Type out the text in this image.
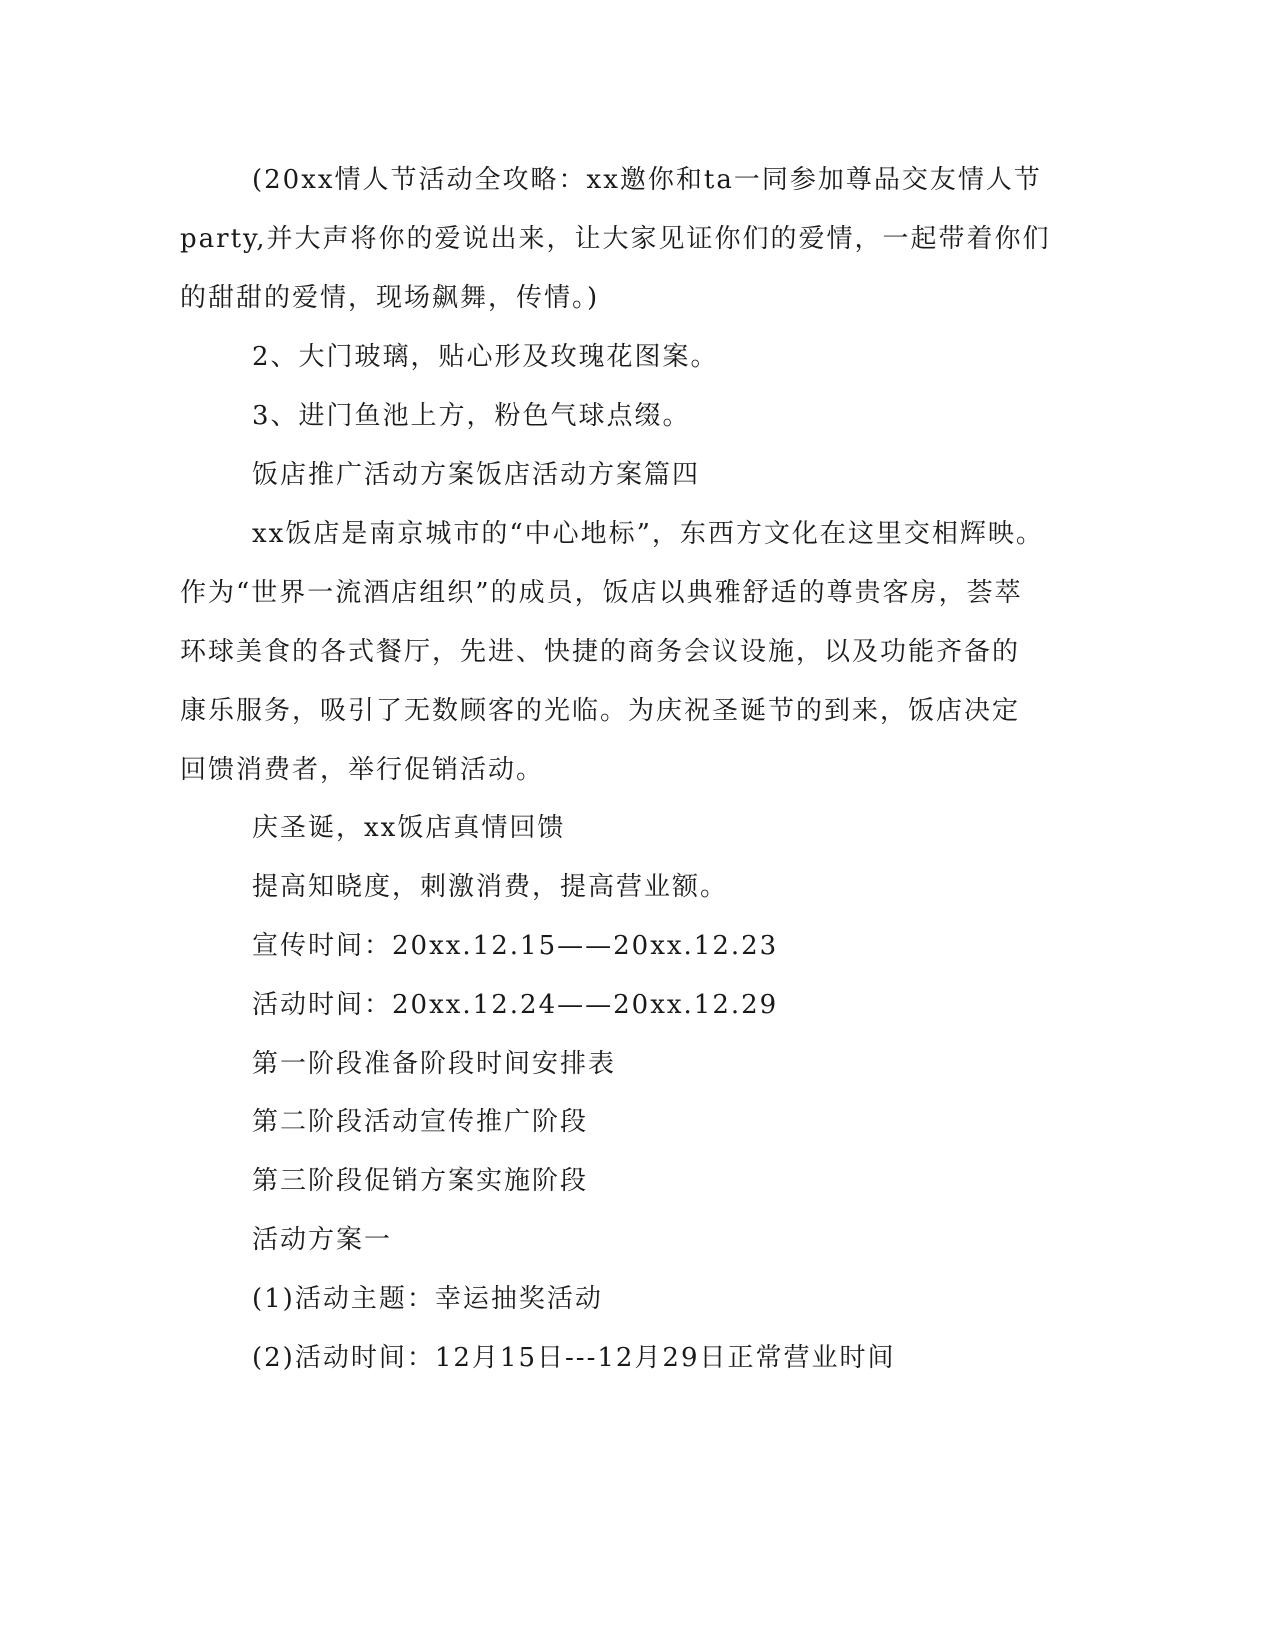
(20xx情人节活动全攻略：xx邀你和ta一同参加尊品交友情人节
party,并大声将你的爱说出来，让大家见证你们的爱情，一起带着你们
的甜甜的爱情，现场飙舞，传情。)
2、大门玻璃，贴心形及玫瑰花图案。
3、进门鱼池上方，粉色气球点缀。
饭店推广活动方案饭店活动方案篇四
xx饭店是南京城市的“中心地标”，东西方文化在这里交相辉映。
作为“世界一流酒店组织”的成员，饭店以典雅舒适的尊贵客房，荟萃
环球美食的各式餐厅，先进、快捷的商务会议设施，以及功能齐备的
康乐服务，吸引了无数顾客的光临。为庆祝圣诞节的到来，饭店决定
回馈消费者，举行促销活动。
庆圣诞，xx饭店真情回馈
提高知晓度，刺激消费，提高营业额。
宣传时间：20xx.12.15——20xx.12.23
活动时间：20xx.12.24——20xx.12.29
第一阶段准备阶段时间安排表
第二阶段活动宣传推广阶段
第三阶段促销方案实施阶段
活动方案一
(1)活动主题：幸运抽奖活动
(2)活动时间：12月15日---12月29日正常营业时间
